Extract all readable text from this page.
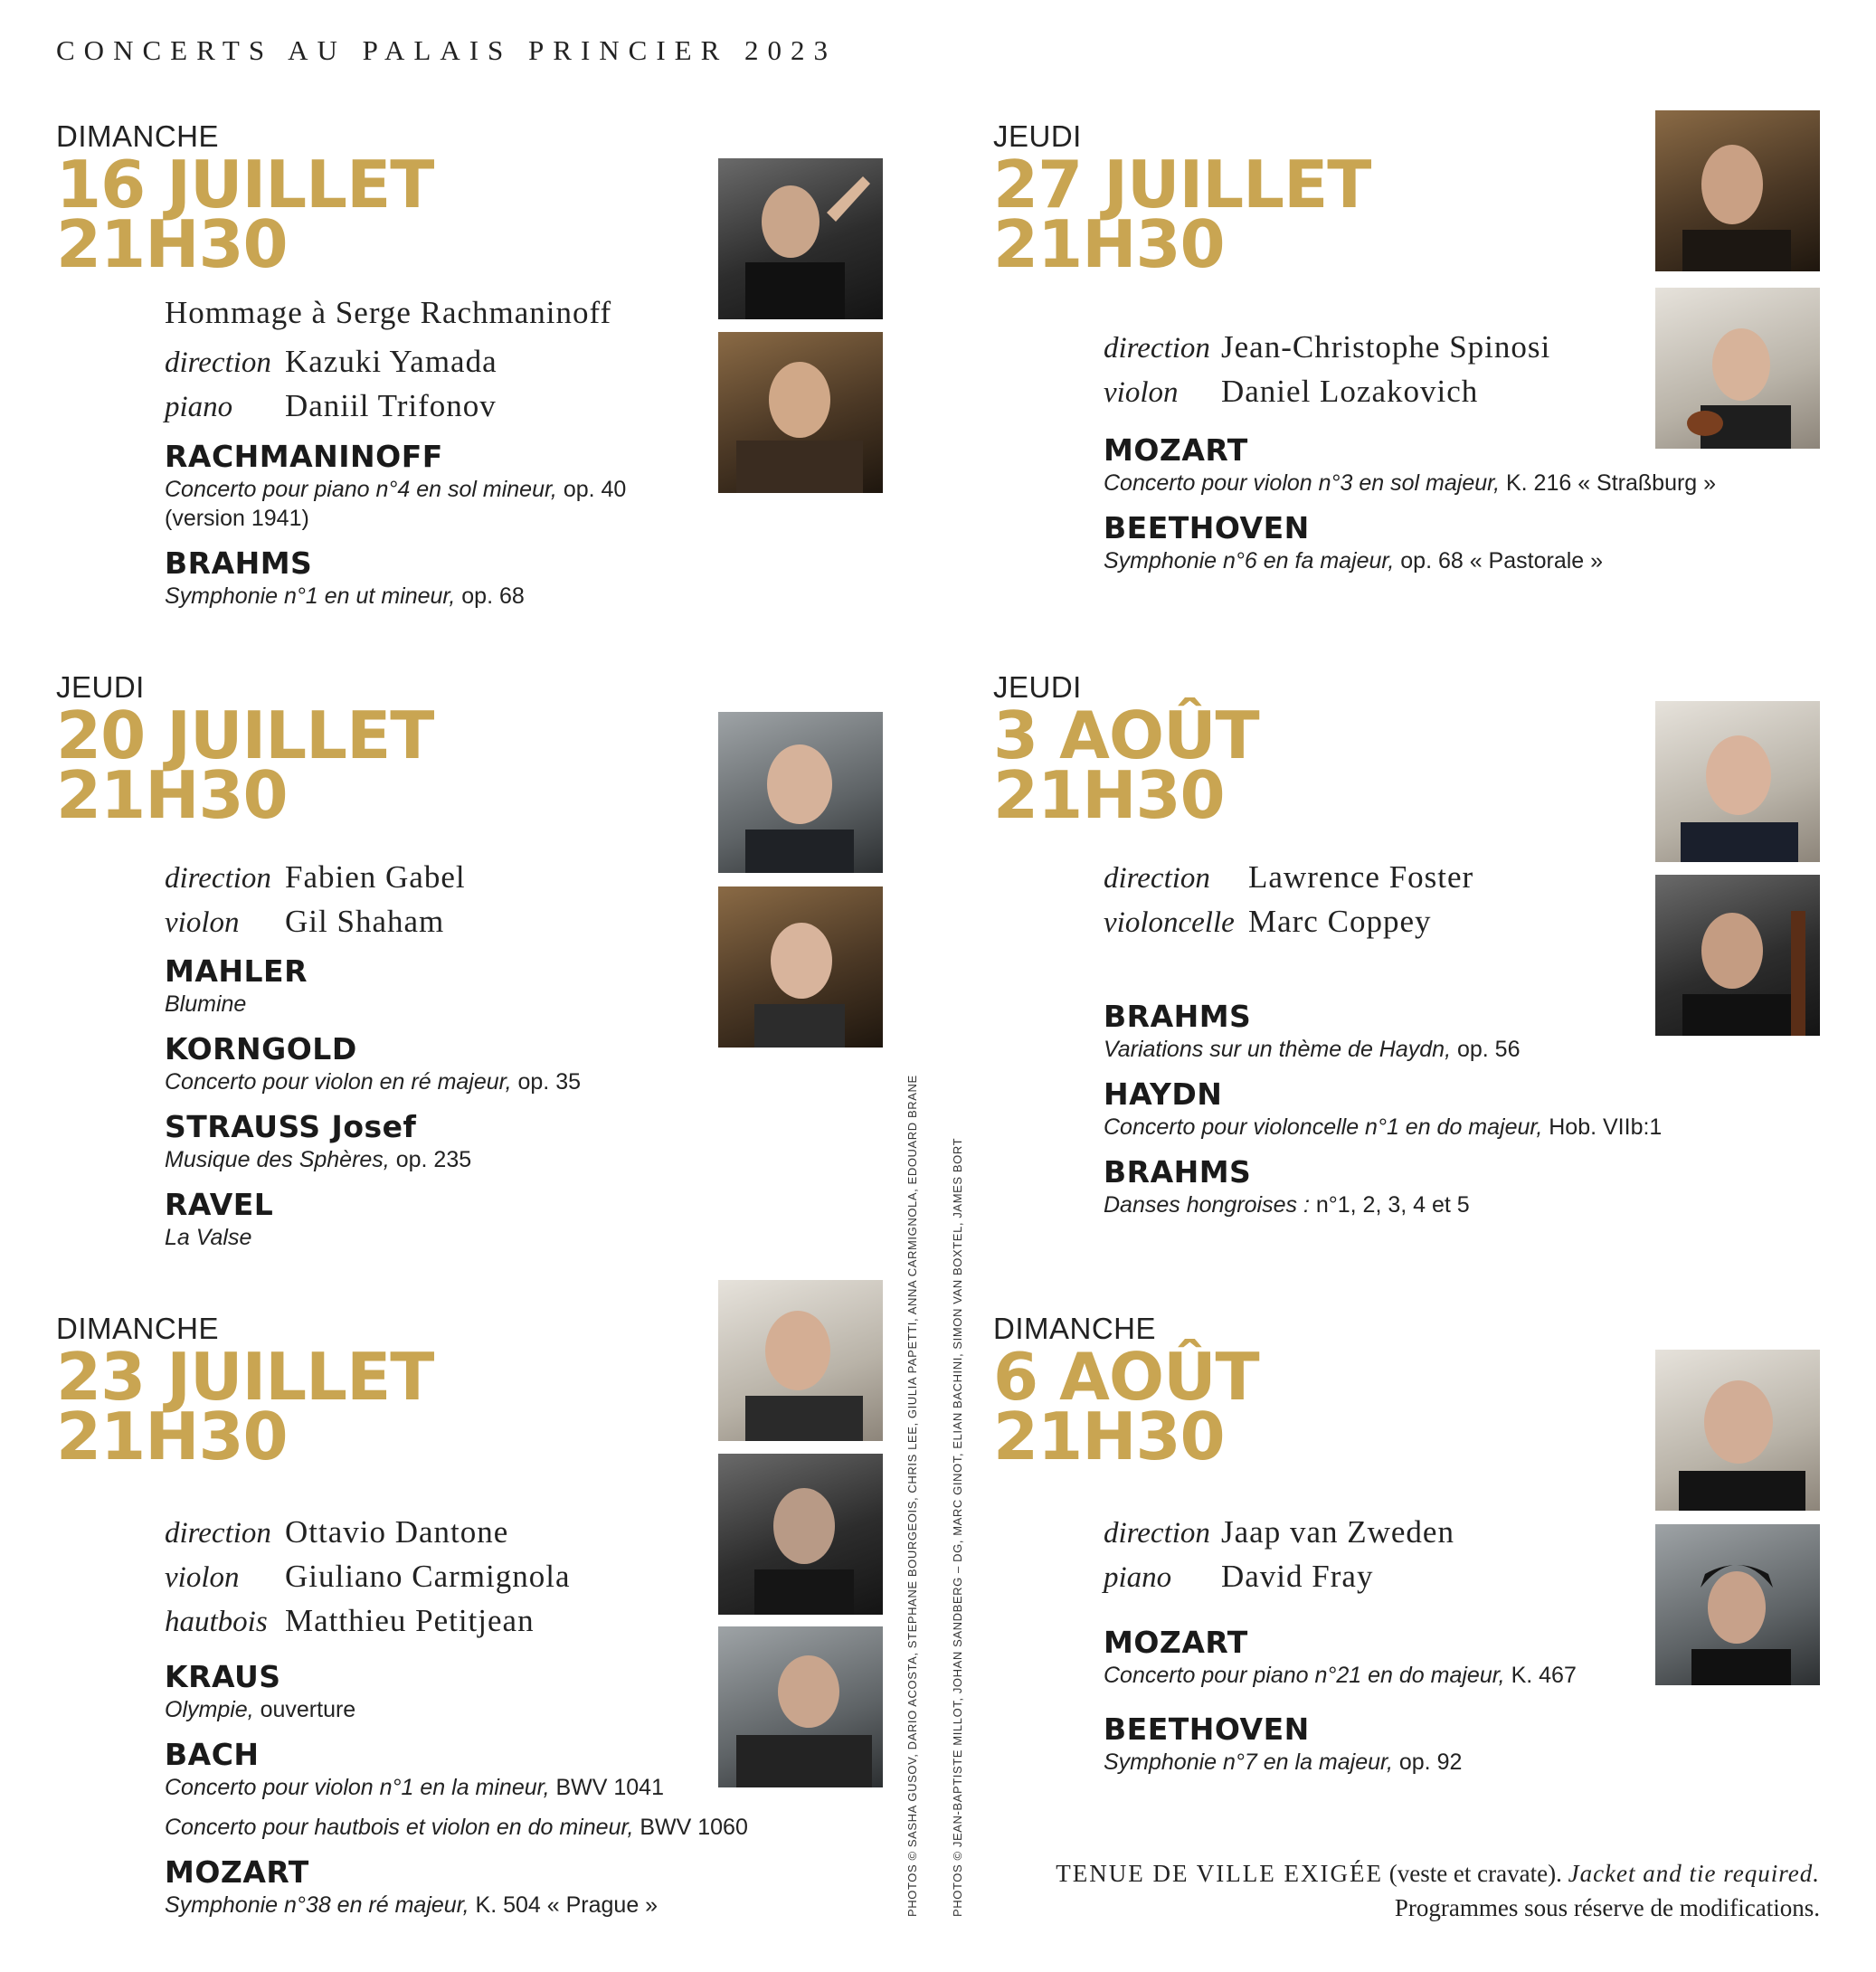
CONCERTS AU PALAIS PRINCIER 2023
DIMANCHE
16 JUILLET
21H30
Hommage à Serge Rachmaninoff
direction Kazuki Yamada
piano	Daniil Trifonov
RACHMANINOFF
Concerto pour piano n°4 en sol mineur, op. 40
(version 1941)
BRAHMS
Symphonie n°1 en ut mineur, op. 68
JEUDI
20 JUILLET
21H30
direction Fabien Gabel
violon	Gil Shaham
MAHLER
Blumine
KORNGOLD
Concerto pour violon en ré majeur, op. 35
STRAUSS Josef
Musique des Sphères, op. 235
RAVEL
La Valse
DIMANCHE
23 JUILLET
21H30
direction Ottavio Dantone
violon	Giuliano Carmignola
hautbois Matthieu Petitjean
KRAUS
Olympie, ouverture
BACH
Concerto pour violon n°1 en la mineur, BWV 1041
Concerto pour hautbois et violon en do mineur, BWV 1060
MOZART
Symphonie n°38 en ré majeur, K. 504 « Prague »
JEUDI
27 JUILLET
21H30
direction Jean-Christophe Spinosi
violon	Daniel Lozakovich
MOZART
Concerto pour violon n°3 en sol majeur, K. 216 « Straßburg »
BEETHOVEN
Symphonie n°6 en fa majeur, op. 68 « Pastorale »
JEUDI
3 AOÛT
21H30
direction	Lawrence Foster
violoncelle Marc Coppey
BRAHMS
Variations sur un thème de Haydn, op. 56
HAYDN
Concerto pour violoncelle n°1 en do majeur, Hob. VIIb:1
BRAHMS
Danses hongroises : n°1, 2, 3, 4 et 5
DIMANCHE
6 AOÛT
21H30
direction Jaap van Zweden
piano	David Fray
MOZART
Concerto pour piano n°21 en do majeur, K. 467
BEETHOVEN
Symphonie n°7 en la majeur, op. 92
PHOTOS © SASHA GUSOV, DARIO ACOSTA, STEPHANE BOURGEOIS, CHRIS LEE, GIULIA PAPETTI, ANNA CARMIGNOLA, EDOUARD BRANE	PHOTOS © JEAN-BAPTISTE MILLOT, JOHAN SANDBERG – DG, MARC GINOT, ELIAN BACHINI, SIMON VAN BOXTEL, JAMES BORT	TENUE DE VILLE EXIGÉE (veste et cravate). Jacket and tie required.
Programmes sous réserve de modifications.
